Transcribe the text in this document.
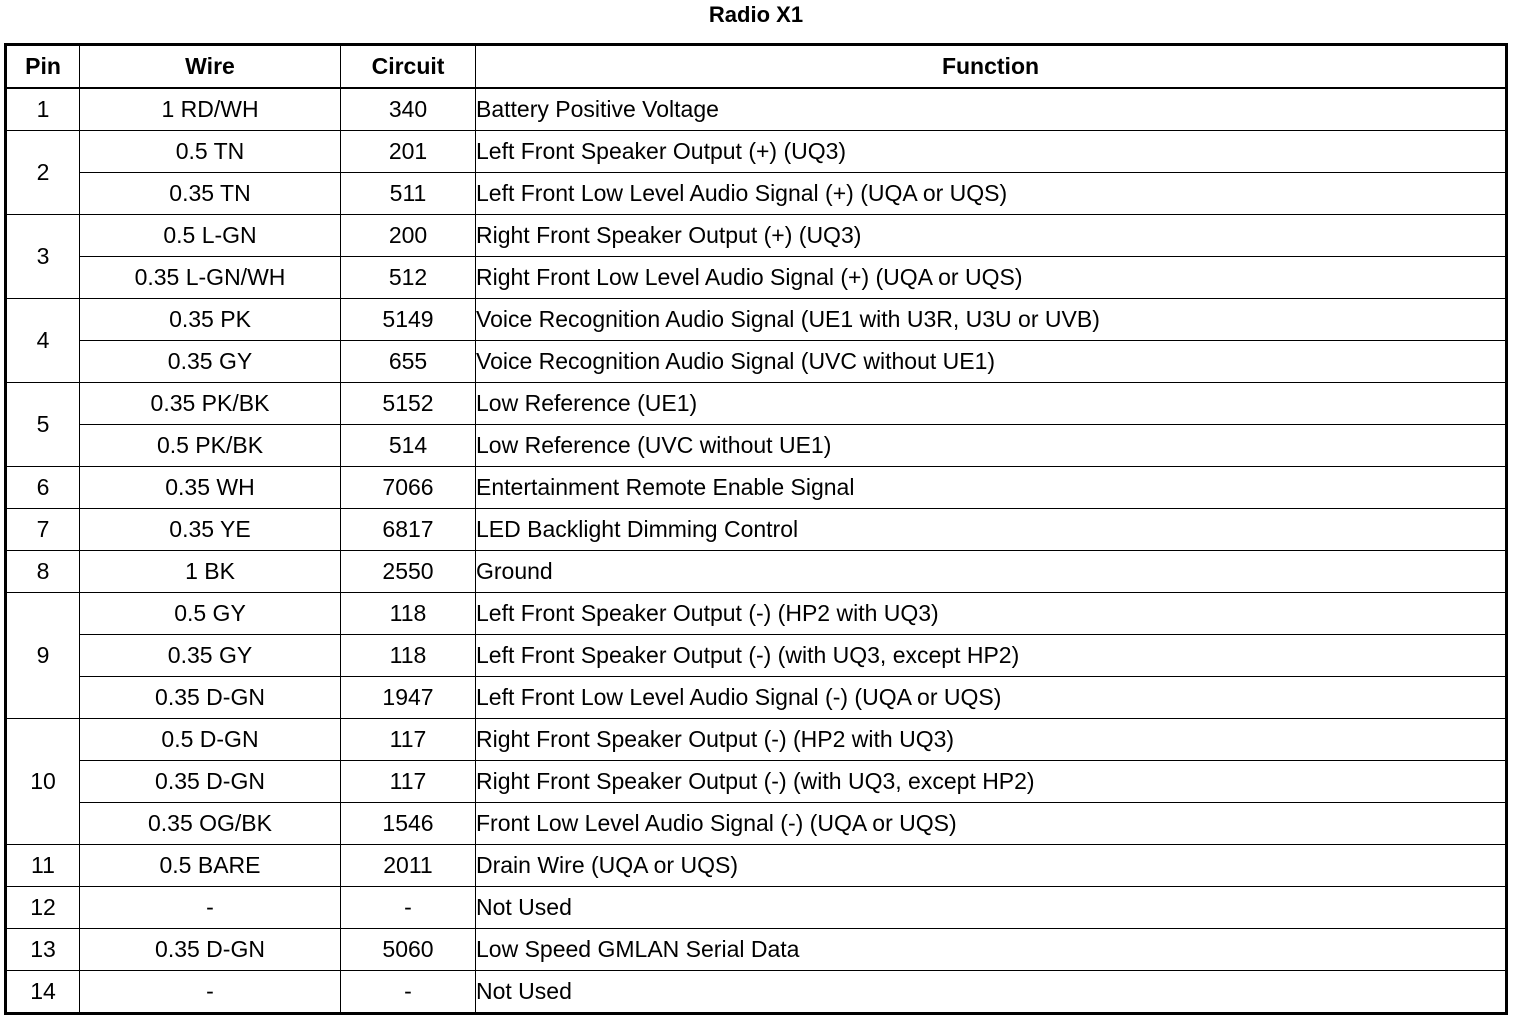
Radio X1
Pin	Wire	Circuit	Function
1	1 RD/WH	340	Battery Positive Voltage
2	0.5 TN	201	Left Front Speaker Output (+) (UQ3)
	0.35 TN	511	Left Front Low Level Audio Signal (+) (UQA or UQS)
3	0.5 L-GN	200	Right Front Speaker Output (+) (UQ3)
	0.35 L-GN/WH	512	Right Front Low Level Audio Signal (+) (UQA or UQS)
4	0.35 PK	5149	Voice Recognition Audio Signal (UE1 with U3R, U3U or UVB)
	0.35 GY	655	Voice Recognition Audio Signal (UVC without UE1)
5	0.35 PK/BK	5152	Low Reference (UE1)
	0.5 PK/BK	514	Low Reference (UVC without UE1)
6	0.35 WH	7066	Entertainment Remote Enable Signal
7	0.35 YE	6817	LED Backlight Dimming Control
8	1 BK	2550	Ground
9	0.5 GY	118	Left Front Speaker Output (-) (HP2 with UQ3)
	0.35 GY	118	Left Front Speaker Output (-) (with UQ3, except HP2)
	0.35 D-GN	1947	Left Front Low Level Audio Signal (-) (UQA or UQS)
10	0.5 D-GN	117	Right Front Speaker Output (-) (HP2 with UQ3)
	0.35 D-GN	117	Right Front Speaker Output (-) (with UQ3, except HP2)
	0.35 OG/BK	1546	Front Low Level Audio Signal (-) (UQA or UQS)
11	0.5 BARE	2011	Drain Wire (UQA or UQS)
12	-	-	Not Used
13	0.35 D-GN	5060	Low Speed GMLAN Serial Data
14	-	-	Not Used
